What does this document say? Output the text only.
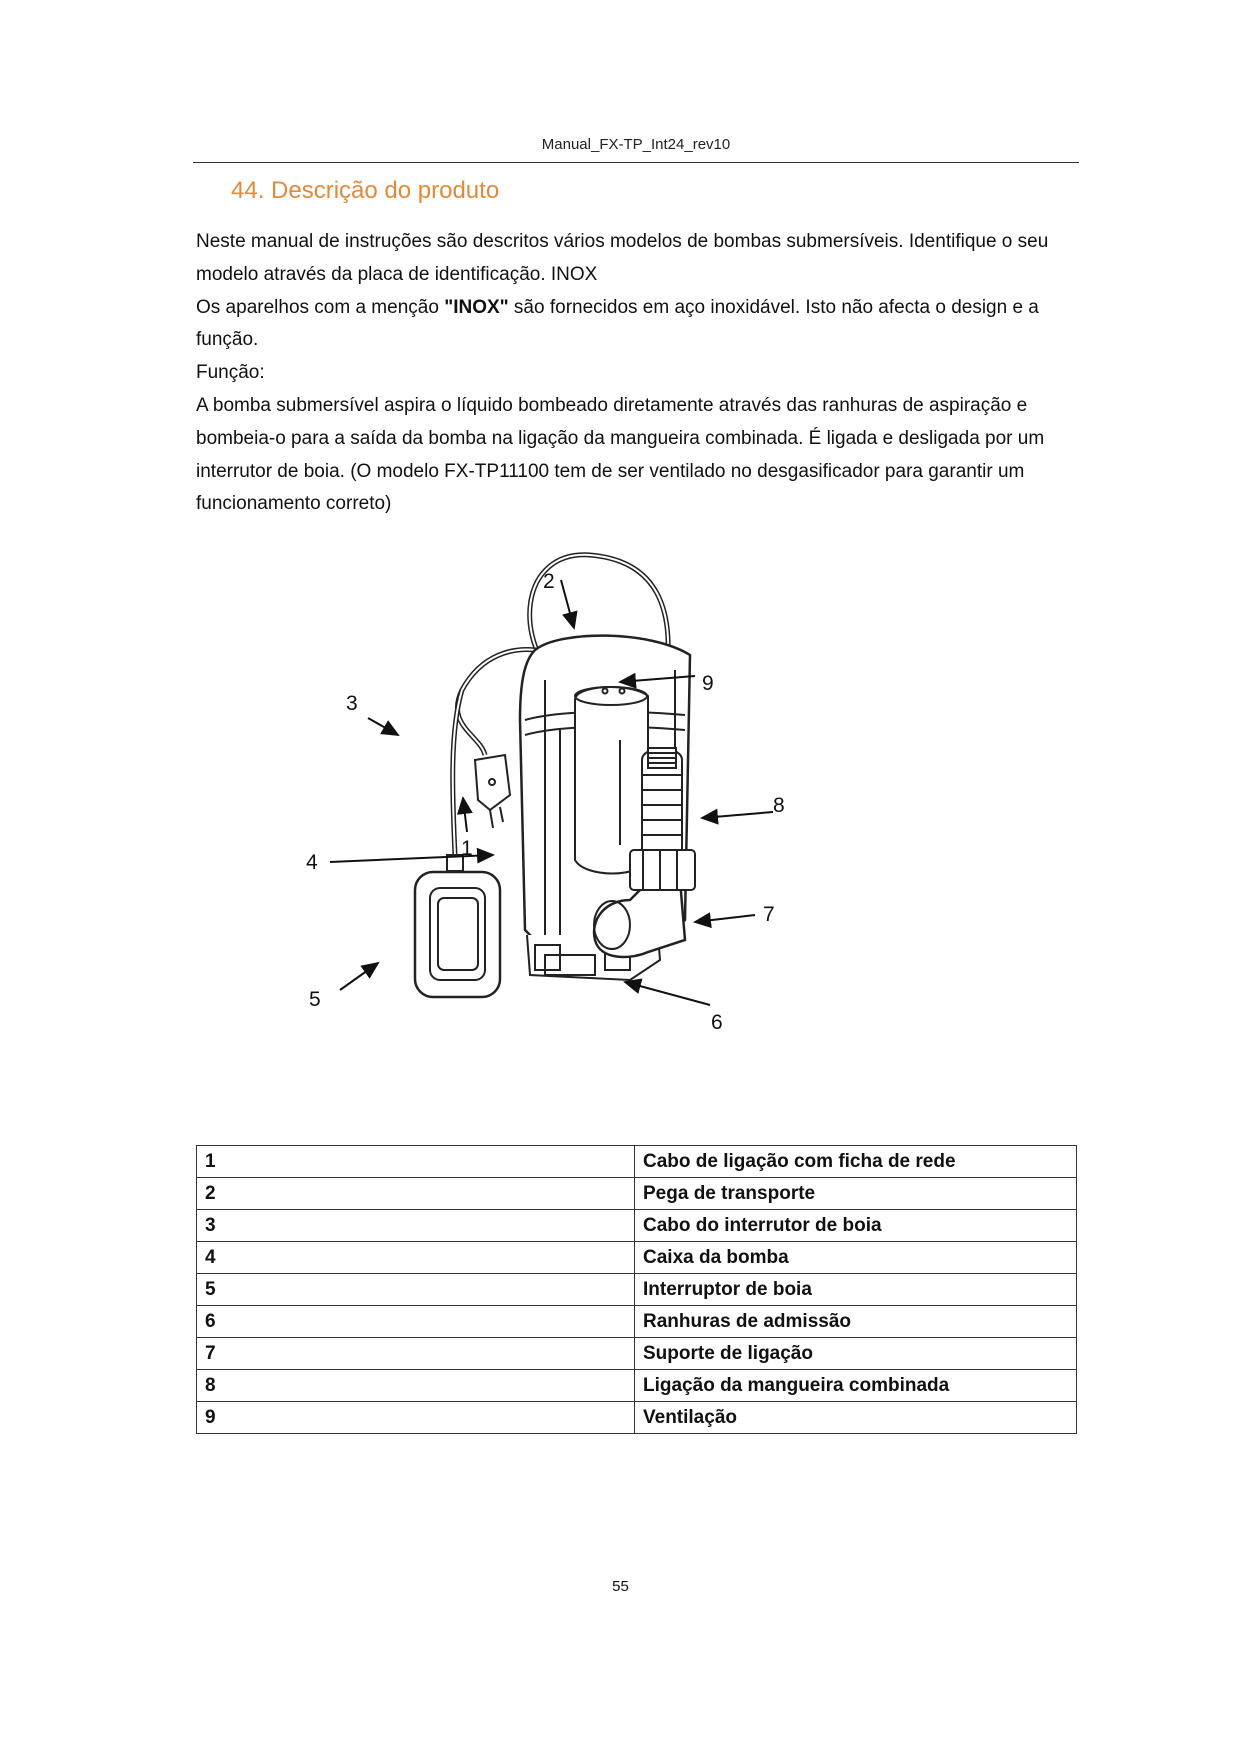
Manual_FX-TP_Int24_rev10
44. Descrição do produto

Neste manual de instruções são descritos vários modelos de bombas submersíveis. Identifique o seu modelo através da placa de identificação. INOX

Os aparelhos com a menção "INOX" são fornecidos em aço inoxidável. Isto não afecta o design e a função.

Função:

A bomba submersível aspira o líquido bombeado diretamente através das ranhuras de aspiração e bombeia-o para a saída da bomba na ligação da mangueira combinada. É ligada e desligada por um interrutor de boia. (O modelo FX-TP11100 tem de ser ventilado no desgasificador para garantir um funcionamento correto)

1
2
3
4
5
6
7
8
9
1	Cabo de ligação com ficha de rede
2	Pega de transporte
3	Cabo do interrutor de boia
4	Caixa da bomba
5	Interruptor de boia
6	Ranhuras de admissão
7	Suporte de ligação
8	Ligação da mangueira combinada
9	Ventilação
55
